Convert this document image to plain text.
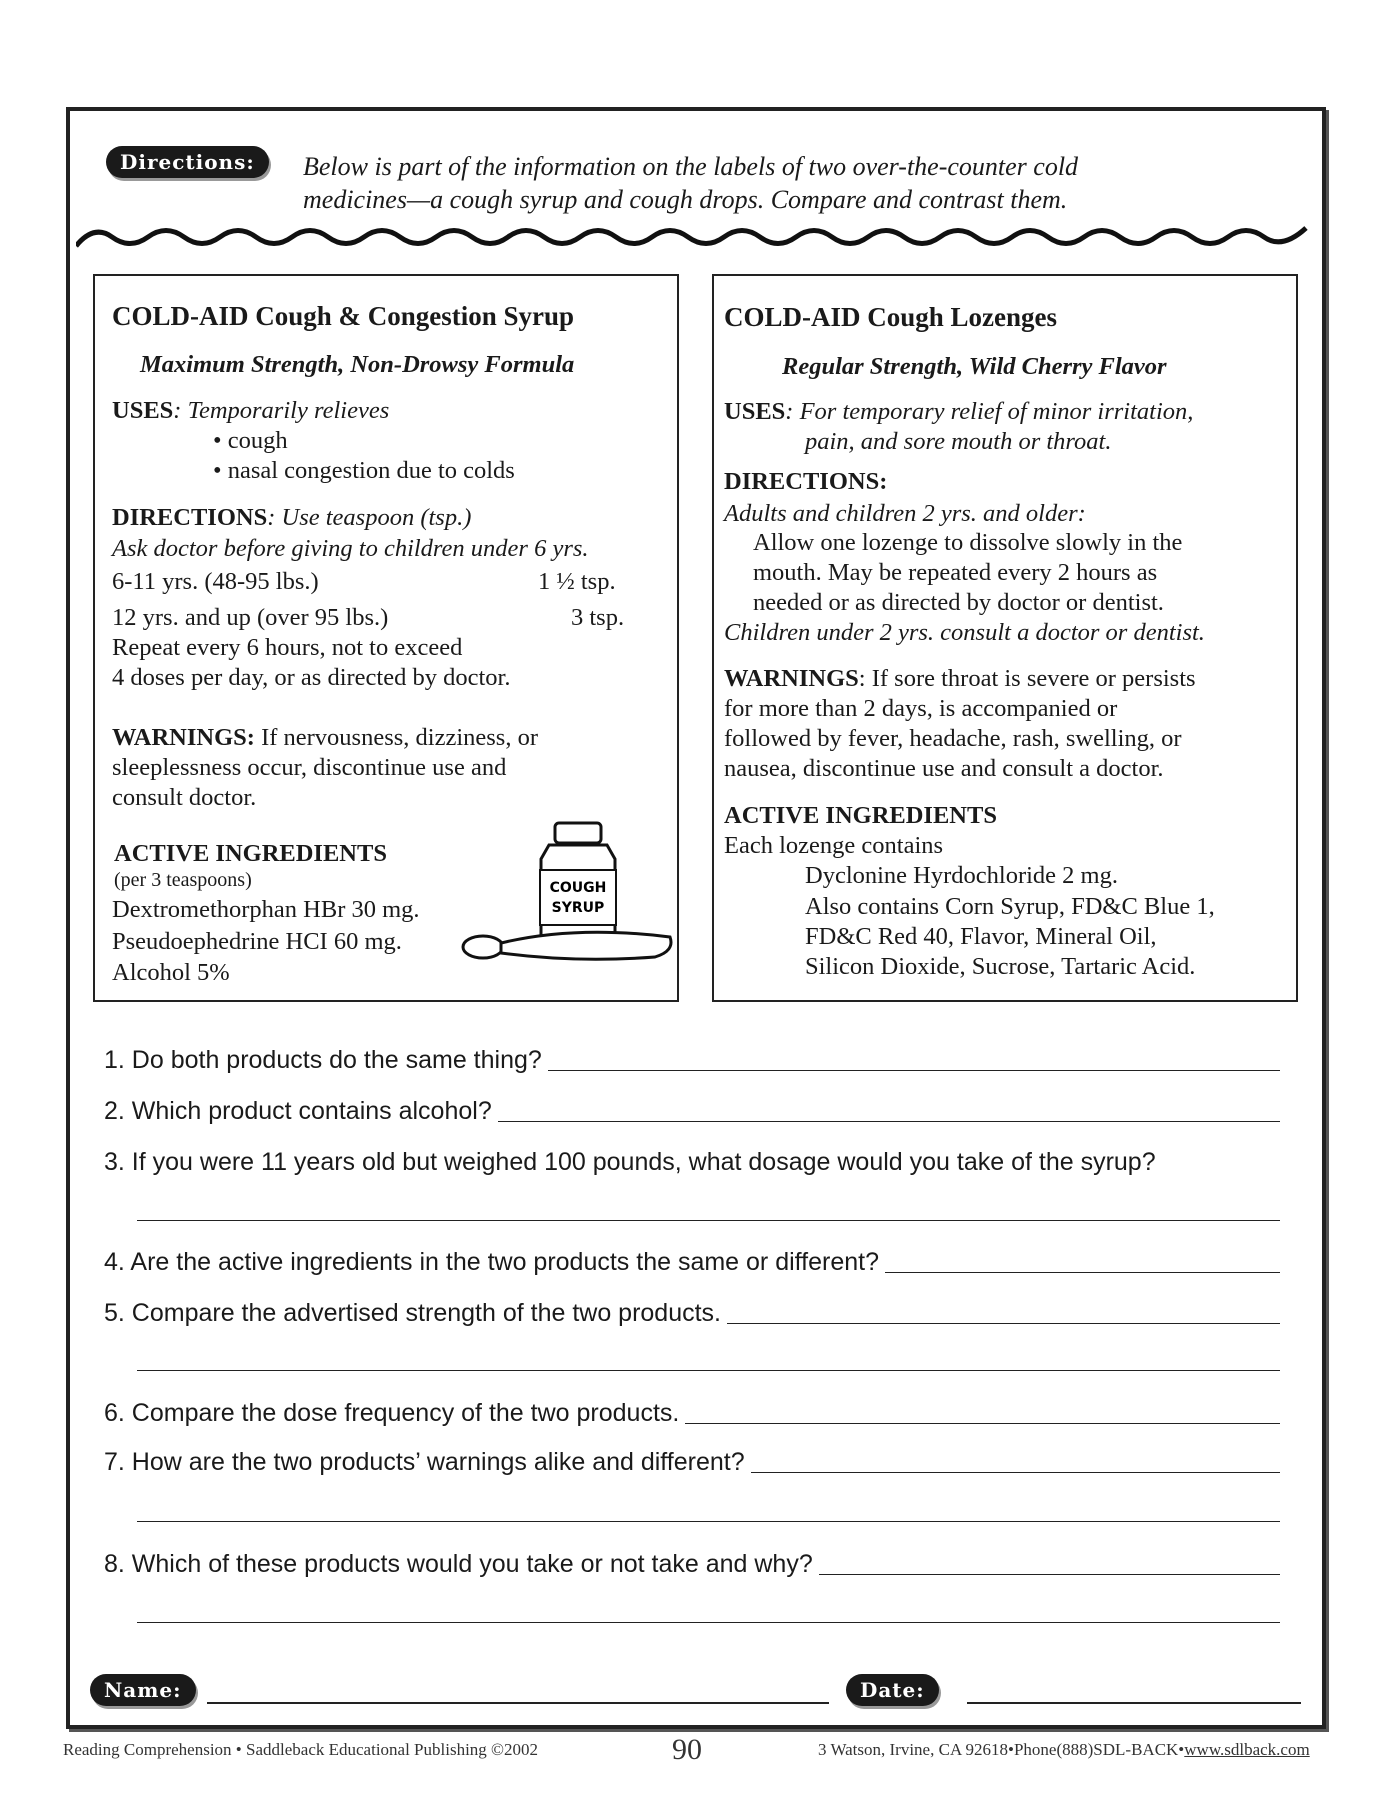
Directions:	Below is part of the information on the labels of two over-the-counter cold
medicines—a cough syrup and cough drops. Compare and contrast them.
COLD-AID Cough & Congestion Syrup
Maximum Strength, Non-Drowsy Formula
USES: Temporarily relieves
• cough
• nasal congestion due to colds
DIRECTIONS: Use teaspoon (tsp.)
Ask doctor before giving to children under 6 yrs.
6-11 yrs. (48-95 lbs.)	1 ½ tsp.
12 yrs. and up (over 95 lbs.)	3 tsp.
Repeat every 6 hours, not to exceed
4 doses per day, or as directed by doctor.
WARNINGS: If nervousness, dizziness, or
sleeplessness occur, discontinue use and
consult doctor.
ACTIVE INGREDIENTS
(per 3 teaspoons)
Dextromethorphan HBr 30 mg.
Pseudoephedrine HCI 60 mg.
Alcohol 5%
COUGH
SYRUP
COLD-AID Cough Lozenges
Regular Strength, Wild Cherry Flavor
USES: For temporary relief of minor irritation,
pain, and sore mouth or throat.
DIRECTIONS:
Adults and children 2 yrs. and older:
Allow one lozenge to dissolve slowly in the
mouth. May be repeated every 2 hours as
needed or as directed by doctor or dentist.
Children under 2 yrs. consult a doctor or dentist.
WARNINGS: If sore throat is severe or persists
for more than 2 days, is accompanied or
followed by fever, headache, rash, swelling, or
nausea, discontinue use and consult a doctor.
ACTIVE INGREDIENTS
Each lozenge contains
Dyclonine Hyrdochloride 2 mg.
Also contains Corn Syrup, FD&C Blue 1,
FD&C Red 40, Flavor, Mineral Oil,
Silicon Dioxide, Sucrose, Tartaric Acid.
1. Do both products do the same thing?
2. Which product contains alcohol?
3. If you were 11 years old but weighed 100 pounds, what dosage would you take of the syrup?
4. Are the active ingredients in the two products the same or different?
5. Compare the advertised strength of the two products.
6. Compare the dose frequency of the two products.
7. How are the two products’ warnings alike and different?
8. Which of these products would you take or not take and why?
Name:	Date:
Reading Comprehension • Saddleback Educational Publishing ©2002	90	3 Watson, Irvine, CA 92618•Phone(888)SDL-BACK•www.sdlback.com
